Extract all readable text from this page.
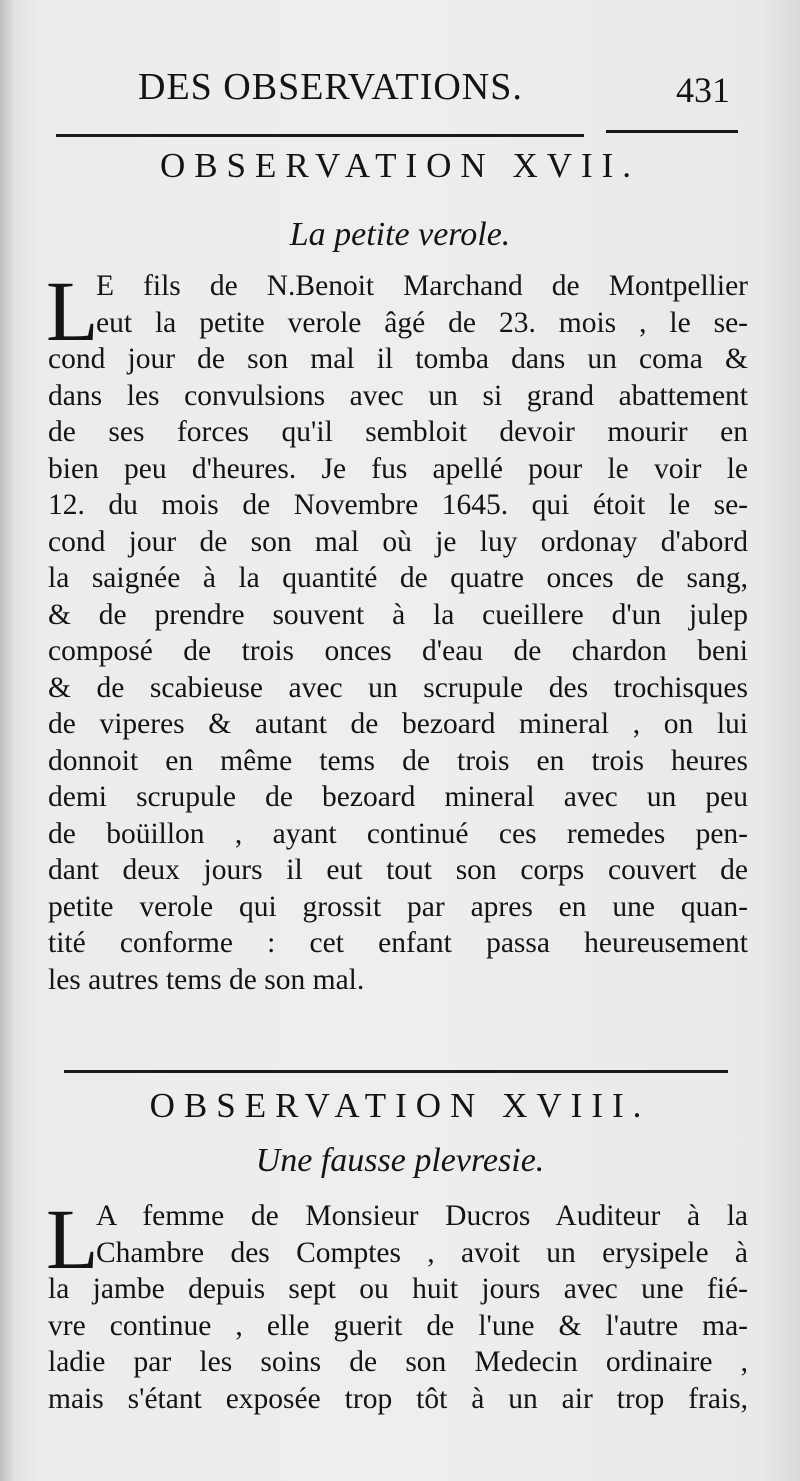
DES OBSERVATIONS.	431
OBSERVATION XVII.
La petite verole.
L
E fils de N.Benoit Marchand de Montpellier
eut la petite verole âgé de 23. mois , le se-
cond jour de son mal il tomba dans un coma &
dans les convulsions avec un si grand abattement
de ses forces qu'il sembloit devoir mourir en
bien peu d'heures. Je fus apellé pour le voir le
12. du mois de Novembre 1645. qui étoit le se-
cond jour de son mal où je luy ordonay d'abord
la saignée à la quantité de quatre onces de sang,
& de prendre souvent à la cueillere d'un julep
composé de trois onces d'eau de chardon beni
& de scabieuse avec un scrupule des trochisques
de viperes & autant de bezoard mineral , on lui
donnoit en même tems de trois en trois heures
demi scrupule de bezoard mineral avec un peu
de boüillon , ayant continué ces remedes pen-
dant deux jours il eut tout son corps couvert de
petite verole qui grossit par apres en une quan-
tité conforme : cet enfant passa heureusement
les autres tems de son mal.
OBSERVATION XVIII.
Une fausse plevresie.
L
A femme de Monsieur Ducros Auditeur à la
Chambre des Comptes , avoit un erysipele à
la jambe depuis sept ou huit jours avec une fié-
vre continue , elle guerit de l'une & l'autre ma-
ladie par les soins de son Medecin ordinaire ,
mais s'étant exposée trop tôt à un air trop frais,
